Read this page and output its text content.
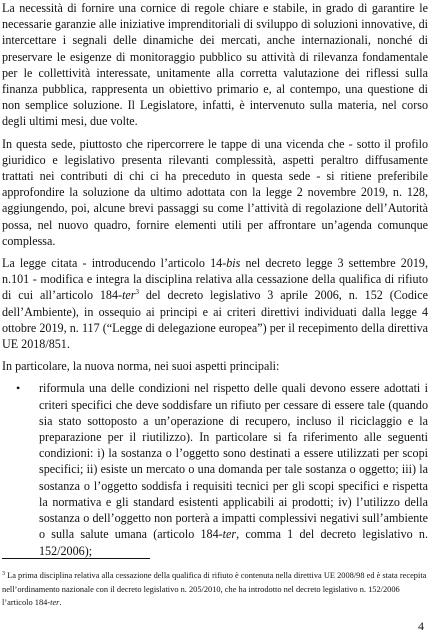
La necessità di fornire una cornice di regole chiare e stabile, in grado di garantire le necessarie garanzie alle iniziative imprenditoriali di sviluppo di soluzioni innovative, di intercettare i segnali delle dinamiche dei mercati, anche internazionali, nonché di preservare le esigenze di monitoraggio pubblico su attività di rilevanza fondamentale per le collettività interessate, unitamente alla corretta valutazione dei riflessi sulla finanza pubblica, rappresenta un obiettivo primario e, al contempo, una questione di non semplice soluzione. Il Legislatore, infatti, è intervenuto sulla materia, nel corso degli ultimi mesi, due volte.

In questa sede, piuttosto che ripercorrere le tappe di una vicenda che - sotto il profilo giuridico e legislativo presenta rilevanti complessità, aspetti peraltro diffusamente trattati nei contributi di chi ci ha preceduto in questa sede - si ritiene preferibile approfondire la soluzione da ultimo adottata con la legge 2 novembre 2019, n. 128, aggiungendo, poi, alcune brevi passaggi su come l’attività di regolazione dell’Autorità possa, nel nuovo quadro, fornire elementi utili per affrontare un’agenda comunque complessa.

La legge citata - introducendo l’articolo 14-bis nel decreto legge 3 settembre 2019, n.101 - modifica e integra la disciplina relativa alla cessazione della qualifica di rifiuto di cui all’articolo 184-ter$^3$ del decreto legislativo 3 aprile 2006, n. 152 (Codice dell’Ambiente), in ossequio ai principi e ai criteri direttivi individuati dalla legge 4 ottobre 2019, n. 117 (“Legge di delegazione europea”) per il recepimento della direttiva UE 2018/851.

In particolare, la nuova norma, nei suoi aspetti principali:

• riformula una delle condizioni nel rispetto delle quali devono essere adottati i criteri specifici che deve soddisfare un rifiuto per cessare di essere tale (quando sia stato sottoposto a un’operazione di recupero, incluso il riciclaggio e la preparazione per il riutilizzo). In particolare si fa riferimento alle seguenti condizioni: i) la sostanza o l’oggetto sono destinati a essere utilizzati per scopi specifici; ii) esiste un mercato o una domanda per tale sostanza o oggetto; iii) la sostanza o l’oggetto soddisfa i requisiti tecnici per gli scopi specifici e rispetta la normativa e gli standard esistenti applicabili ai prodotti; iv) l’utilizzo della sostanza o dell’oggetto non porterà a impatti complessivi negativi sull’ambiente o sulla salute umana (articolo 184-ter, comma 1 del decreto legislativo n. 152/2006);
$^3$ La prima disciplina relativa alla cessazione della qualifica di rifiuto è contenuta nella direttiva UE 2008/98 ed è stata recepita nell’ordinamento nazionale con il decreto legislativo n. 205/2010, che ha introdotto nel decreto legislativo n. 152/2006 l’articolo 184-ter.
4
